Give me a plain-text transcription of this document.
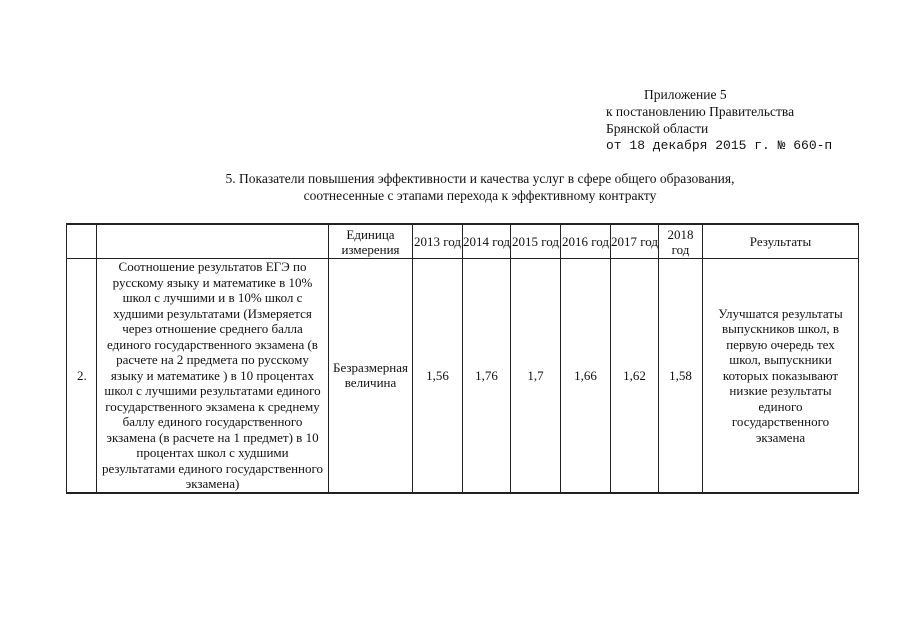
Приложение 5
к постановлению Правительства
Брянской области
от 18 декабря 2015 г. № 660-п
5. Показатели повышения эффективности и качества услуг в сфере общего образования,
соотнесенные с этапами перехода к эффективному контракту
		Единица измерения	2013 год	2014 год	2015 год	2016 год	2017 год	2018 год	Результаты
2.	Соотношение результатов ЕГЭ по русскому языку и математике в 10% школ с лучшими и в 10% школ с худшими результатами (Измеряется через отношение среднего балла единого государственного экзамена (в расчете на 2 предмета по русскому языку и математике ) в 10 процентах школ с лучшими результатами единого государственного экзамена к среднему баллу единого государственного экзамена (в расчете на 1 предмет) в 10 процентах школ с худшими результатами единого государственного экзамена)	Безразмерная величина	1,56	1,76	1,7	1,66	1,62	1,58	Улучшатся результаты выпускников школ, в первую очередь тех школ, выпускники которых показывают низкие результаты единого государственного экзамена
